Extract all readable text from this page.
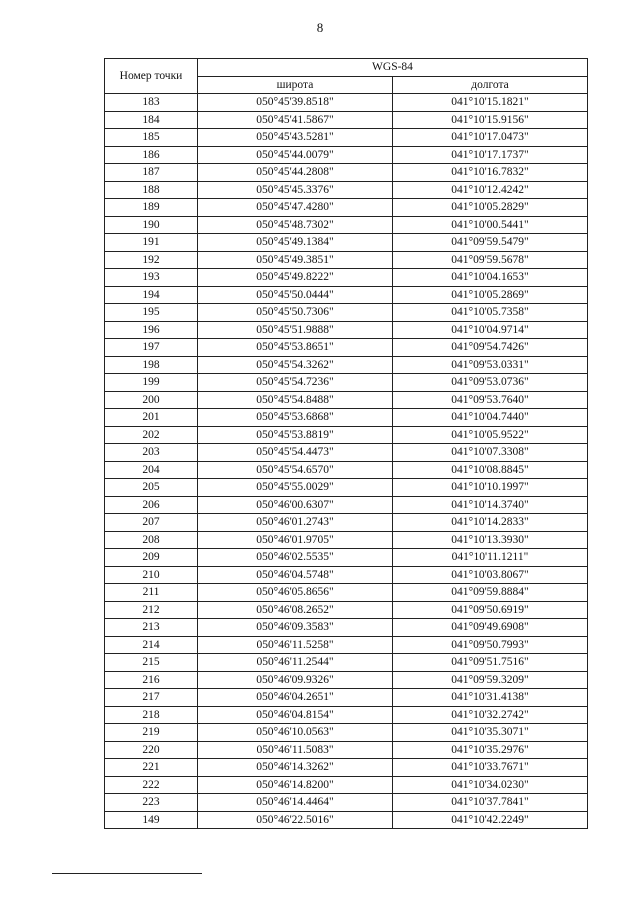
8
Номер точки	WGS-84	
	широта	долгота
183	050°45'39.8518"	041°10'15.1821"
184	050°45'41.5867"	041°10'15.9156"
185	050°45'43.5281"	041°10'17.0473"
186	050°45'44.0079"	041°10'17.1737"
187	050°45'44.2808"	041°10'16.7832"
188	050°45'45.3376"	041°10'12.4242"
189	050°45'47.4280"	041°10'05.2829"
190	050°45'48.7302"	041°10'00.5441"
191	050°45'49.1384"	041°09'59.5479"
192	050°45'49.3851"	041°09'59.5678"
193	050°45'49.8222"	041°10'04.1653"
194	050°45'50.0444"	041°10'05.2869"
195	050°45'50.7306"	041°10'05.7358"
196	050°45'51.9888"	041°10'04.9714"
197	050°45'53.8651"	041°09'54.7426"
198	050°45'54.3262"	041°09'53.0331"
199	050°45'54.7236"	041°09'53.0736"
200	050°45'54.8488"	041°09'53.7640"
201	050°45'53.6868"	041°10'04.7440"
202	050°45'53.8819"	041°10'05.9522"
203	050°45'54.4473"	041°10'07.3308"
204	050°45'54.6570"	041°10'08.8845"
205	050°45'55.0029"	041°10'10.1997"
206	050°46'00.6307"	041°10'14.3740"
207	050°46'01.2743"	041°10'14.2833"
208	050°46'01.9705"	041°10'13.3930"
209	050°46'02.5535"	041°10'11.1211"
210	050°46'04.5748"	041°10'03.8067"
211	050°46'05.8656"	041°09'59.8884"
212	050°46'08.2652"	041°09'50.6919"
213	050°46'09.3583"	041°09'49.6908"
214	050°46'11.5258"	041°09'50.7993"
215	050°46'11.2544"	041°09'51.7516"
216	050°46'09.9326"	041°09'59.3209"
217	050°46'04.2651"	041°10'31.4138"
218	050°46'04.8154"	041°10'32.2742"
219	050°46'10.0563"	041°10'35.3071"
220	050°46'11.5083"	041°10'35.2976"
221	050°46'14.3262"	041°10'33.7671"
222	050°46'14.8200"	041°10'34.0230"
223	050°46'14.4464"	041°10'37.7841"
149	050°46'22.5016"	041°10'42.2249"
